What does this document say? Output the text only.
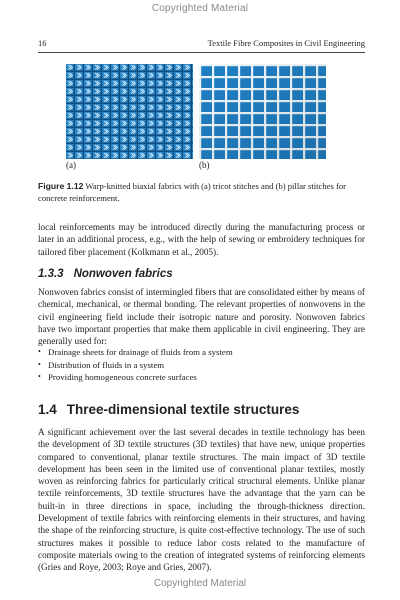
Copyrighted Material
16	Textile Fibre Composites in Civil Engineering
(a)	(b)
Figure 1.12 Warp-knitted biaxial fabrics with (a) tricot stitches and (b) pillar stitches for concrete reinforcement.
local reinforcements may be introduced directly during the manufacturing process or later in an additional process, e.g., with the help of sewing or embroidery techniques for tailored fiber placement (Kolkmann et al., 2005).
1.3.3 Nonwoven fabrics
Nonwoven fabrics consist of intermingled fibers that are consolidated either by means of chemical, mechanical, or thermal bonding. The relevant properties of nonwovens in the civil engineering field include their isotropic nature and porosity. Nonwoven fabrics have two important properties that make them applicable in civil engineering. They are generally used for:
• Drainage sheets for drainage of fluids from a system
• Distribution of fluids in a system
• Providing homogeneous concrete surfaces
1.4 Three-dimensional textile structures
A significant achievement over the last several decades in textile technology has been the development of 3D textile structures (3D textiles) that have new, unique properties compared to conventional, planar textile structures. The main impact of 3D textile development has been seen in the limited use of conventional planar textiles, mostly woven as reinforcing fabrics for particularly critical structural elements. Unlike planar textile reinforcements, 3D textile structures have the advantage that the yarn can be built-in in three directions in space, including the through-thickness direction. Development of textile fabrics with reinforcing elements in their structures, and having the shape of the reinforcing structure, is quite cost-effective technology. The use of such structures makes it possible to reduce labor costs related to the manufacture of composite materials owing to the creation of integrated systems of reinforcing elements (Gries and Roye, 2003; Roye and Gries, 2007).
Copyrighted Material
